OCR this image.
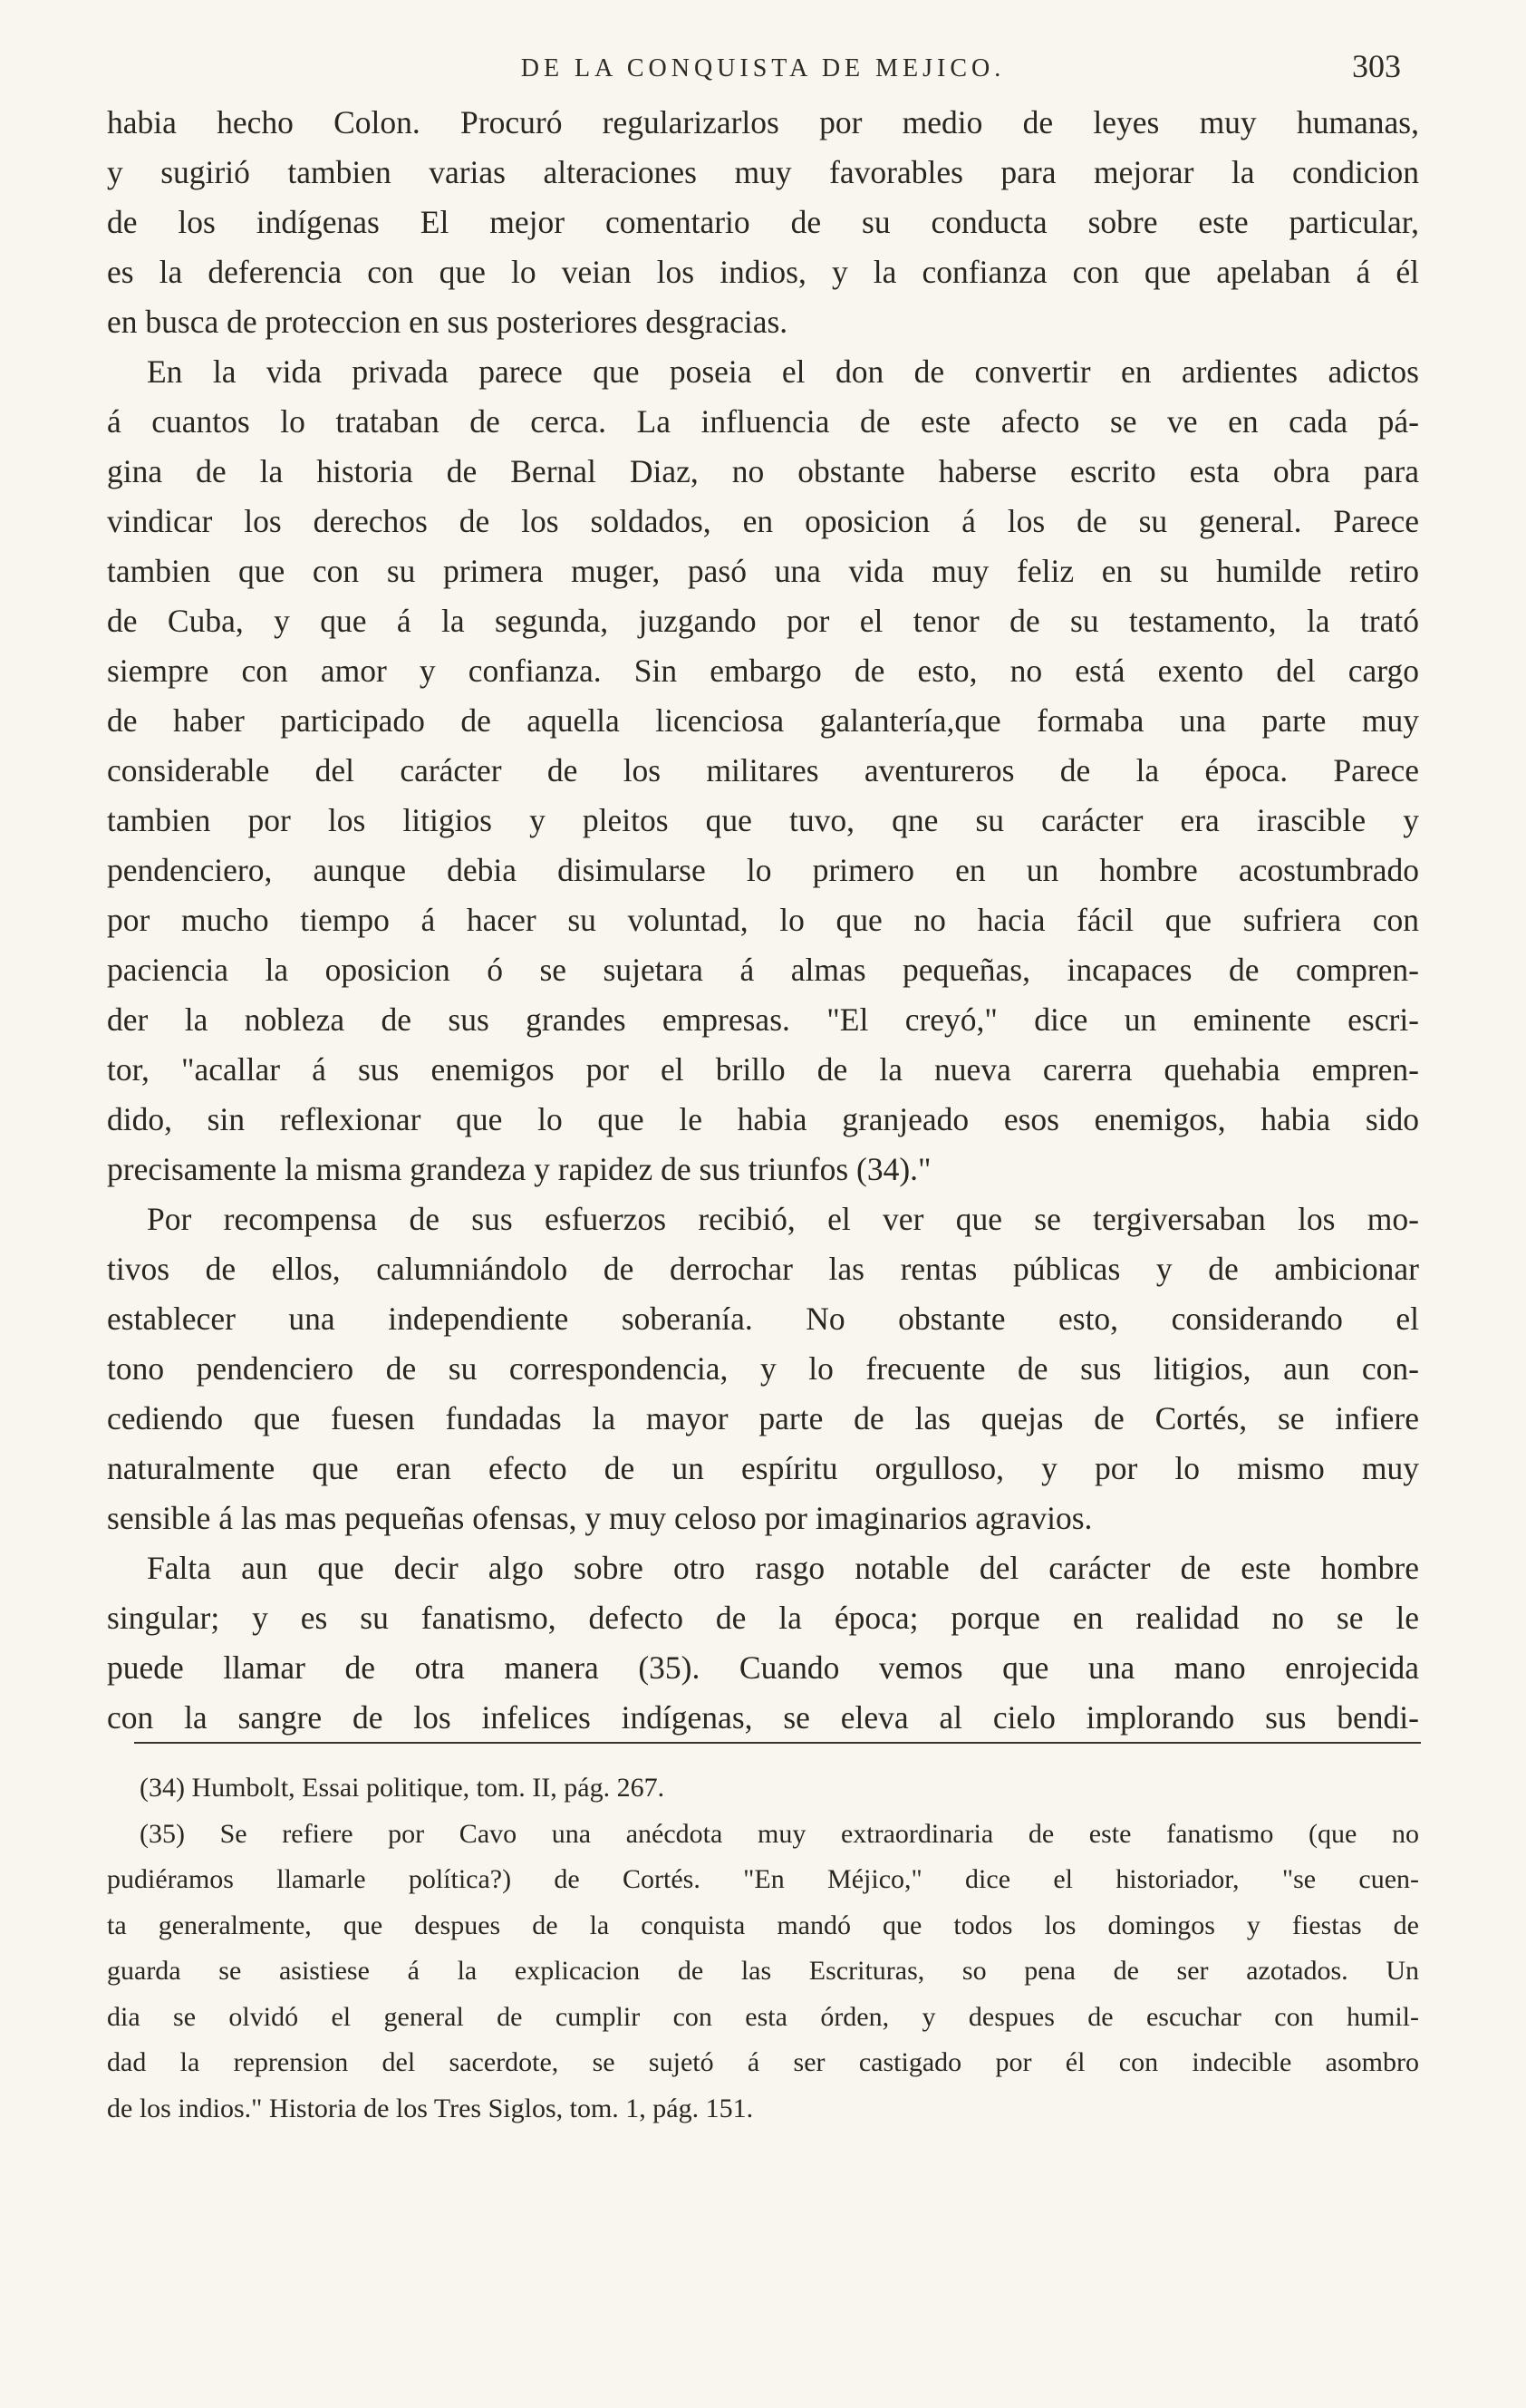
DE LA CONQUISTA DE MEJICO.	303
habia hecho Colon. Procuró regularizarlos por medio de leyes muy humanas,
y sugirió tambien varias alteraciones muy favorables para mejorar la condicion
de los indígenas El mejor comentario de su conducta sobre este particular,
es la deferencia con que lo veian los indios, y la confianza con que apelaban á él
en busca de proteccion en sus posteriores desgracias.
En la vida privada parece que poseia el don de convertir en ardientes adictos
á cuantos lo trataban de cerca. La influencia de este afecto se ve en cada pá-
gina de la historia de Bernal Diaz, no obstante haberse escrito esta obra para
vindicar los derechos de los soldados, en oposicion á los de su general. Parece
tambien que con su primera muger, pasó una vida muy feliz en su humilde retiro
de Cuba, y que á la segunda, juzgando por el tenor de su testamento, la trató
siempre con amor y confianza. Sin embargo de esto, no está exento del cargo
de haber participado de aquella licenciosa galantería,que formaba una parte muy
considerable del carácter de los militares aventureros de la época. Parece
tambien por los litigios y pleitos que tuvo, qne su carácter era irascible y
pendenciero, aunque debia disimularse lo primero en un hombre acostumbrado
por mucho tiempo á hacer su voluntad, lo que no hacia fácil que sufriera con
paciencia la oposicion ó se sujetara á almas pequeñas, incapaces de compren-
der la nobleza de sus grandes empresas. "El creyó," dice un eminente escri-
tor, "acallar á sus enemigos por el brillo de la nueva carerra quehabia empren-
dido, sin reflexionar que lo que le habia granjeado esos enemigos, habia sido
precisamente la misma grandeza y rapidez de sus triunfos (34)."
Por recompensa de sus esfuerzos recibió, el ver que se tergiversaban los mo-
tivos de ellos, calumniándolo de derrochar las rentas públicas y de ambicionar
establecer una independiente soberanía. No obstante esto, considerando el
tono pendenciero de su correspondencia, y lo frecuente de sus litigios, aun con-
cediendo que fuesen fundadas la mayor parte de las quejas de Cortés, se infiere
naturalmente que eran efecto de un espíritu orgulloso, y por lo mismo muy
sensible á las mas pequeñas ofensas, y muy celoso por imaginarios agravios.
Falta aun que decir algo sobre otro rasgo notable del carácter de este hombre
singular; y es su fanatismo, defecto de la época; porque en realidad no se le
puede llamar de otra manera (35). Cuando vemos que una mano enrojecida
con la sangre de los infelices indígenas, se eleva al cielo implorando sus bendi-
(34) Humbolt, Essai politique, tom. II, pág. 267.
(35) Se refiere por Cavo una anécdota muy extraordinaria de este fanatismo (que no
pudiéramos llamarle política?) de Cortés. "En Méjico," dice el historiador, "se cuen-
ta generalmente, que despues de la conquista mandó que todos los domingos y fiestas de
guarda se asistiese á la explicacion de las Escrituras, so pena de ser azotados. Un
dia se olvidó el general de cumplir con esta órden, y despues de escuchar con humil-
dad la reprension del sacerdote, se sujetó á ser castigado por él con indecible asombro
de los indios." Historia de los Tres Siglos, tom. 1, pág. 151.
